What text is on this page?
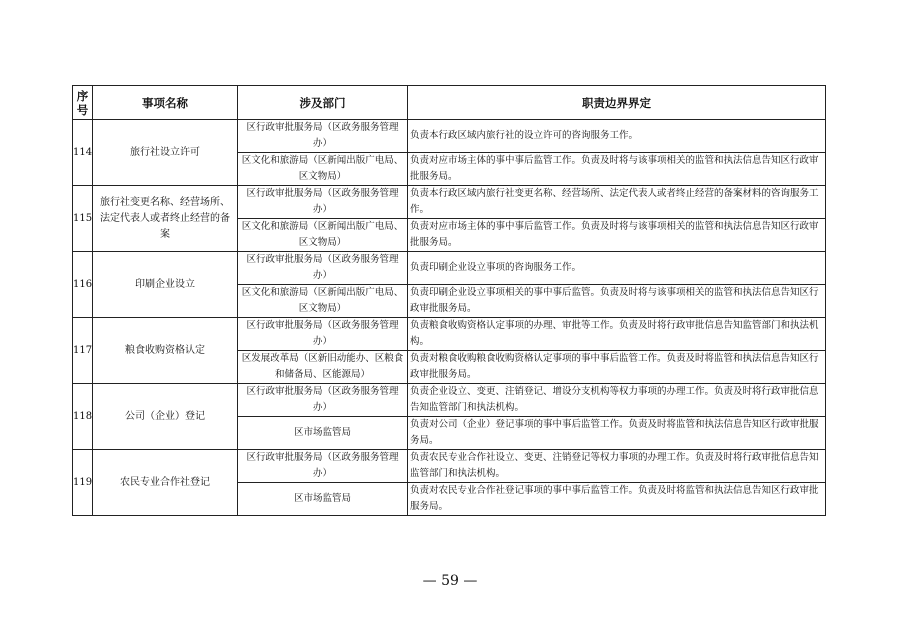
序号	事项名称	涉及部门	职责边界界定
114	旅行社设立许可	区行政审批服务局（区政务服务管理办）	负责本行政区域内旅行社的设立许可的咨询服务工作。
		区文化和旅游局（区新闻出版广电局、区文物局）	负责对应市场主体的事中事后监管工作。负责及时将与该事项相关的监管和执法信息告知区行政审批服务局。
115	旅行社变更名称、经营场所、法定代表人或者终止经营的备案	区行政审批服务局（区政务服务管理办）	负责本行政区域内旅行社变更名称、经营场所、法定代表人或者终止经营的备案材料的咨询服务工作。
		区文化和旅游局（区新闻出版广电局、区文物局）	负责对应市场主体的事中事后监管工作。负责及时将与该事项相关的监管和执法信息告知区行政审批服务局。
116	印刷企业设立	区行政审批服务局（区政务服务管理办）	负责印刷企业设立事项的咨询服务工作。
		区文化和旅游局（区新闻出版广电局、区文物局）	负责印刷企业设立事项相关的事中事后监管。负责及时将与该事项相关的监管和执法信息告知区行政审批服务局。
117	粮食收购资格认定	区行政审批服务局（区政务服务管理办）	负责粮食收购资格认定事项的办理、审批等工作。负责及时将行政审批信息告知监管部门和执法机构。
		区发展改革局（区新旧动能办、区粮食和储备局、区能源局）	负责对粮食收购粮食收购资格认定事项的事中事后监管工作。负责及时将监管和执法信息告知区行政审批服务局。
118	公司（企业）登记	区行政审批服务局（区政务服务管理办）	负责企业设立、变更、注销登记、增设分支机构等权力事项的办理工作。负责及时将行政审批信息告知监管部门和执法机构。
		区市场监管局	负责对公司（企业）登记事项的事中事后监管工作。负责及时将监管和执法信息告知区行政审批服务局。
119	农民专业合作社登记	区行政审批服务局（区政务服务管理办）	负责农民专业合作社设立、变更、注销登记等权力事项的办理工作。负责及时将行政审批信息告知监管部门和执法机构。
		区市场监管局	负责对农民专业合作社登记事项的事中事后监管工作。负责及时将监管和执法信息告知区行政审批服务局。
— 59 —
